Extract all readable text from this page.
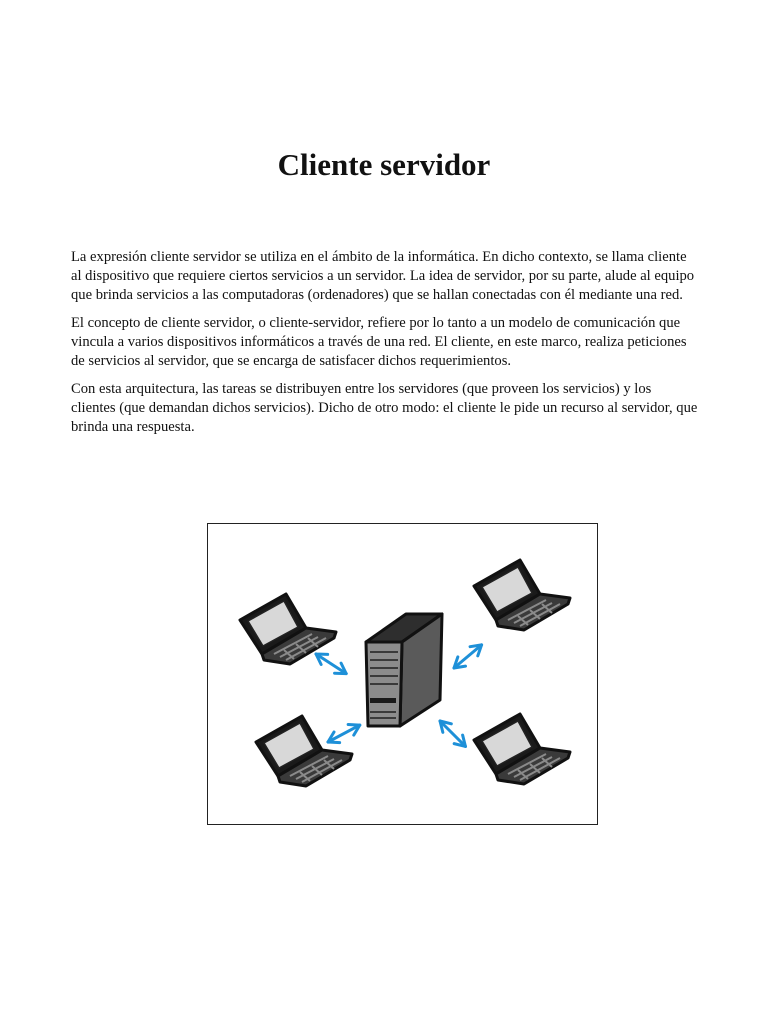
Cliente servidor

La expresión cliente servidor se utiliza en el ámbito de la informática. En dicho contexto, se llama cliente al dispositivo que requiere ciertos servicios a un servidor. La idea de servidor, por su parte, alude al equipo que brinda servicios a las computadoras (ordenadores) que se hallan conectadas con él mediante una red.

El concepto de cliente servidor, o cliente-servidor, refiere por lo tanto a un modelo de comunicación que vincula a varios dispositivos informáticos a través de una red. El cliente, en este marco, realiza peticiones de servicios al servidor, que se encarga de satisfacer dichos requerimientos.

Con esta arquitectura, las tareas se distribuyen entre los servidores (que proveen los servicios) y los clientes (que demandan dichos servicios). Dicho de otro modo: el cliente le pide un recurso al servidor, que brinda una respuesta.
